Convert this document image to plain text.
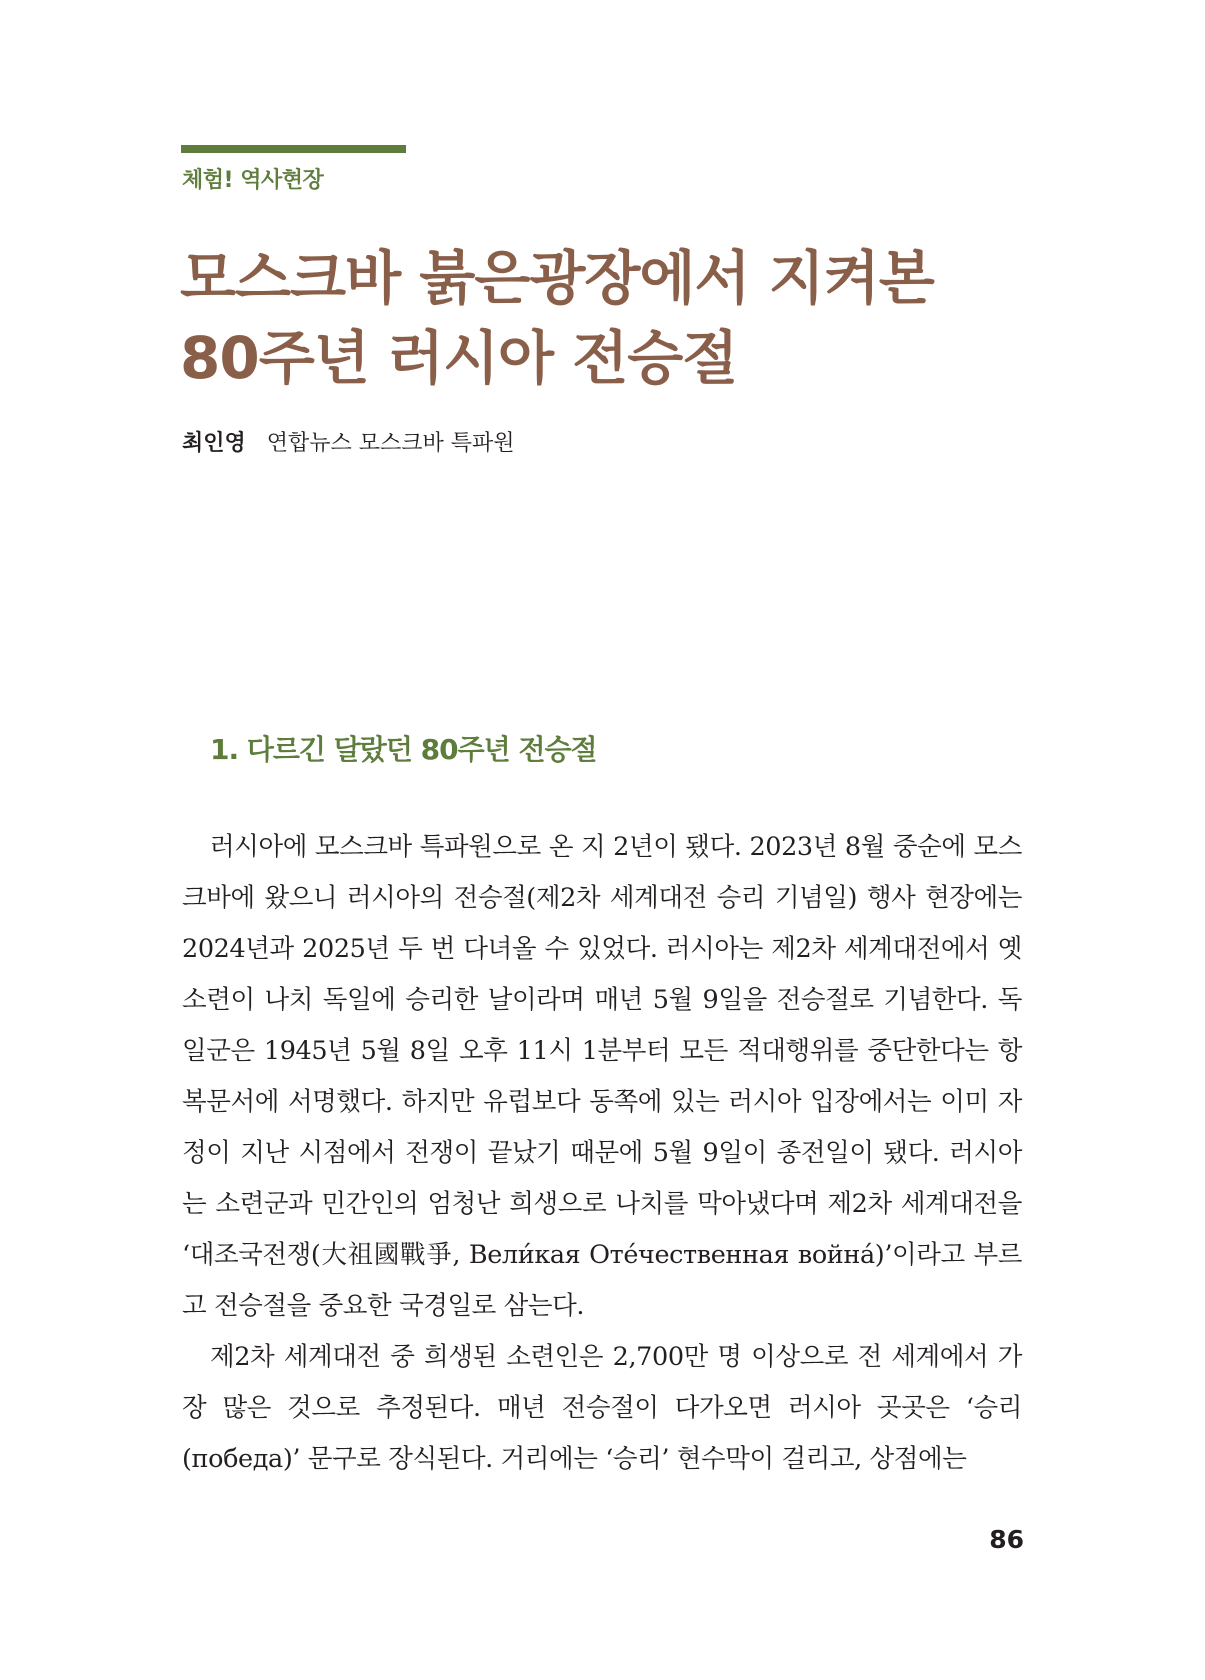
체험! 역사현장
모스크바 붉은광장에서 지켜본
80주년 러시아 전승절
최인영 연합뉴스 모스크바 특파원
1. 다르긴 달랐던 80주년 전승절

러시아에 모스크바 특파원으로 온 지 2년이 됐다. 2023년 8월 중순에 모스크바에 왔으니 러시아의 전승절(제2차 세계대전 승리 기념일) 행사 현장에는 2024년과 2025년 두 번 다녀올 수 있었다. 러시아는 제2차 세계대전에서 옛 소련이 나치 독일에 승리한 날이라며 매년 5월 9일을 전승절로 기념한다. 독일군은 1945년 5월 8일 오후 11시 1분부터 모든 적대행위를 중단한다는 항복문서에 서명했다. 하지만 유럽보다 동쪽에 있는 러시아 입장에서는 이미 자정이 지난 시점에서 전쟁이 끝났기 때문에 5월 9일이 종전일이 됐다. 러시아는 소련군과 민간인의 엄청난 희생으로 나치를 막아냈다며 제2차 세계대전을 ‘대조국전쟁(大祖國戰爭, Вели́кая Оте́чественная война́)’이라고 부르고 전승절을 중요한 국경일로 삼는다.

제2차 세계대전 중 희생된 소련인은 2,700만 명 이상으로 전 세계에서 가장 많은 것으로 추정된다. 매년 전승절이 다가오면 러시아 곳곳은 ‘승리(победа)’ 문구로 장식된다. 거리에는 ‘승리’ 현수막이 걸리고, 상점에는

86
